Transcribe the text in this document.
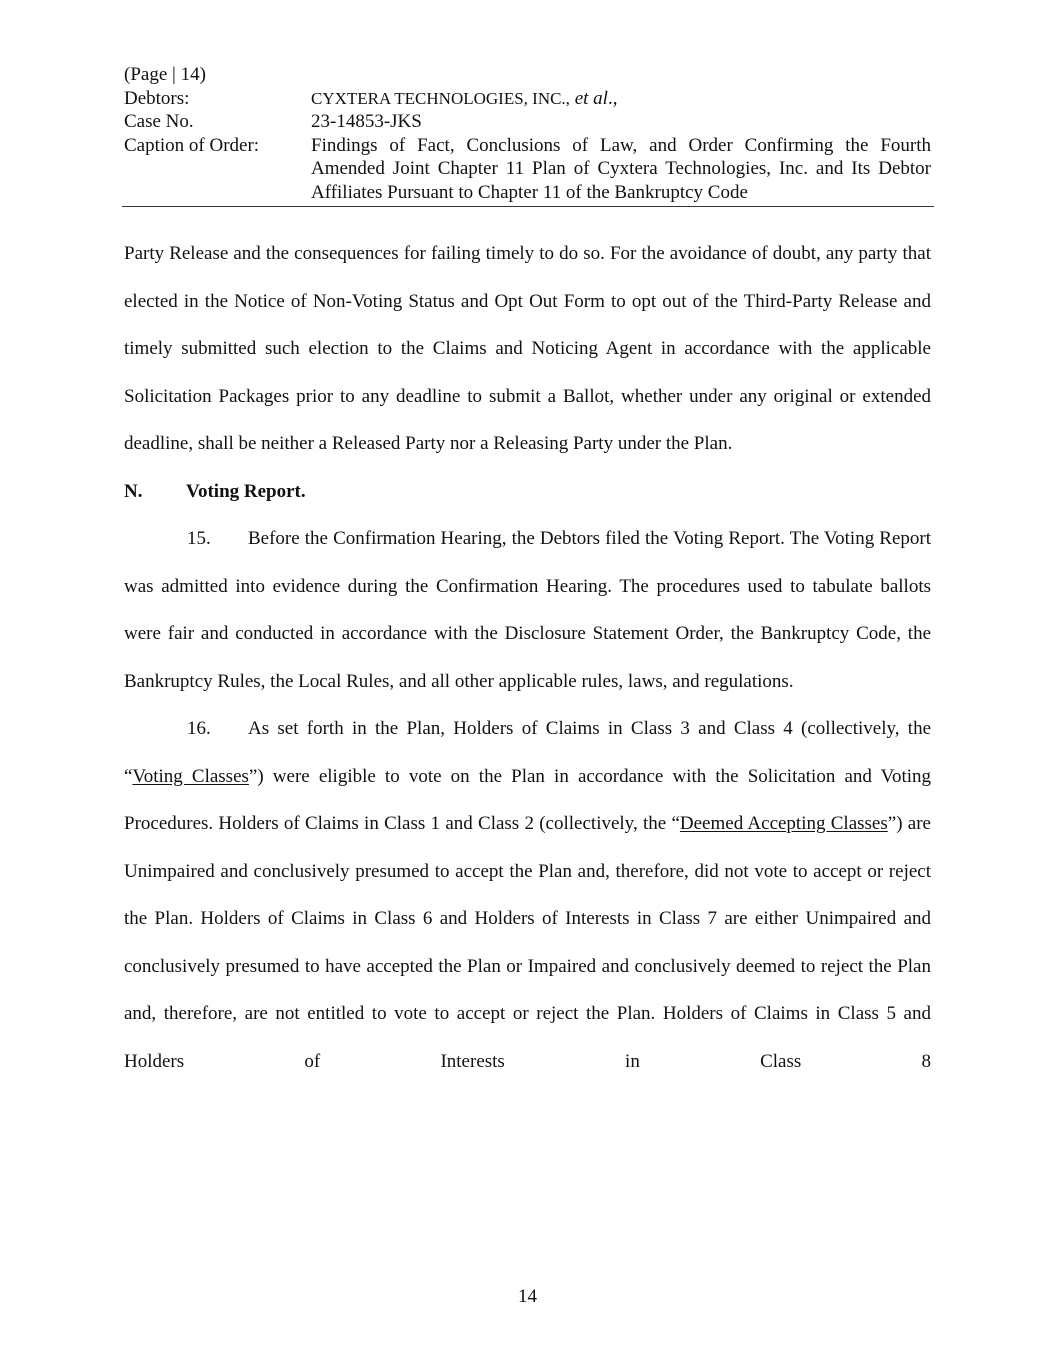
(Page | 14)
Debtors:	CYXTERA TECHNOLOGIES, INC., et al.,
Case No.	23-14853-JKS
Caption of Order:	Findings of Fact, Conclusions of Law, and Order Confirming the Fourth Amended Joint Chapter 11 Plan of Cyxtera Technologies, Inc. and Its Debtor Affiliates Pursuant to Chapter 11 of the Bankruptcy Code

Party Release and the consequences for failing timely to do so. For the avoidance of doubt, any party that elected in the Notice of Non-Voting Status and Opt Out Form to opt out of the Third-Party Release and timely submitted such election to the Claims and Noticing Agent in accordance with the applicable Solicitation Packages prior to any deadline to submit a Ballot, whether under any original or extended deadline, shall be neither a Released Party nor a Releasing Party under the Plan.

N. Voting Report.

15. Before the Confirmation Hearing, the Debtors filed the Voting Report. The Voting Report was admitted into evidence during the Confirmation Hearing. The procedures used to tabulate ballots were fair and conducted in accordance with the Disclosure Statement Order, the Bankruptcy Code, the Bankruptcy Rules, the Local Rules, and all other applicable rules, laws, and regulations.

16. As set forth in the Plan, Holders of Claims in Class 3 and Class 4 (collectively, the “Voting Classes”) were eligible to vote on the Plan in accordance with the Solicitation and Voting Procedures. Holders of Claims in Class 1 and Class 2 (collectively, the “Deemed Accepting Classes”) are Unimpaired and conclusively presumed to accept the Plan and, therefore, did not vote to accept or reject the Plan. Holders of Claims in Class 6 and Holders of Interests in Class 7 are either Unimpaired and conclusively presumed to have accepted the Plan or Impaired and conclusively deemed to reject the Plan and, therefore, are not entitled to vote to accept or reject the Plan. Holders of Claims in Class 5 and Holders of Interests in Class 8

14
